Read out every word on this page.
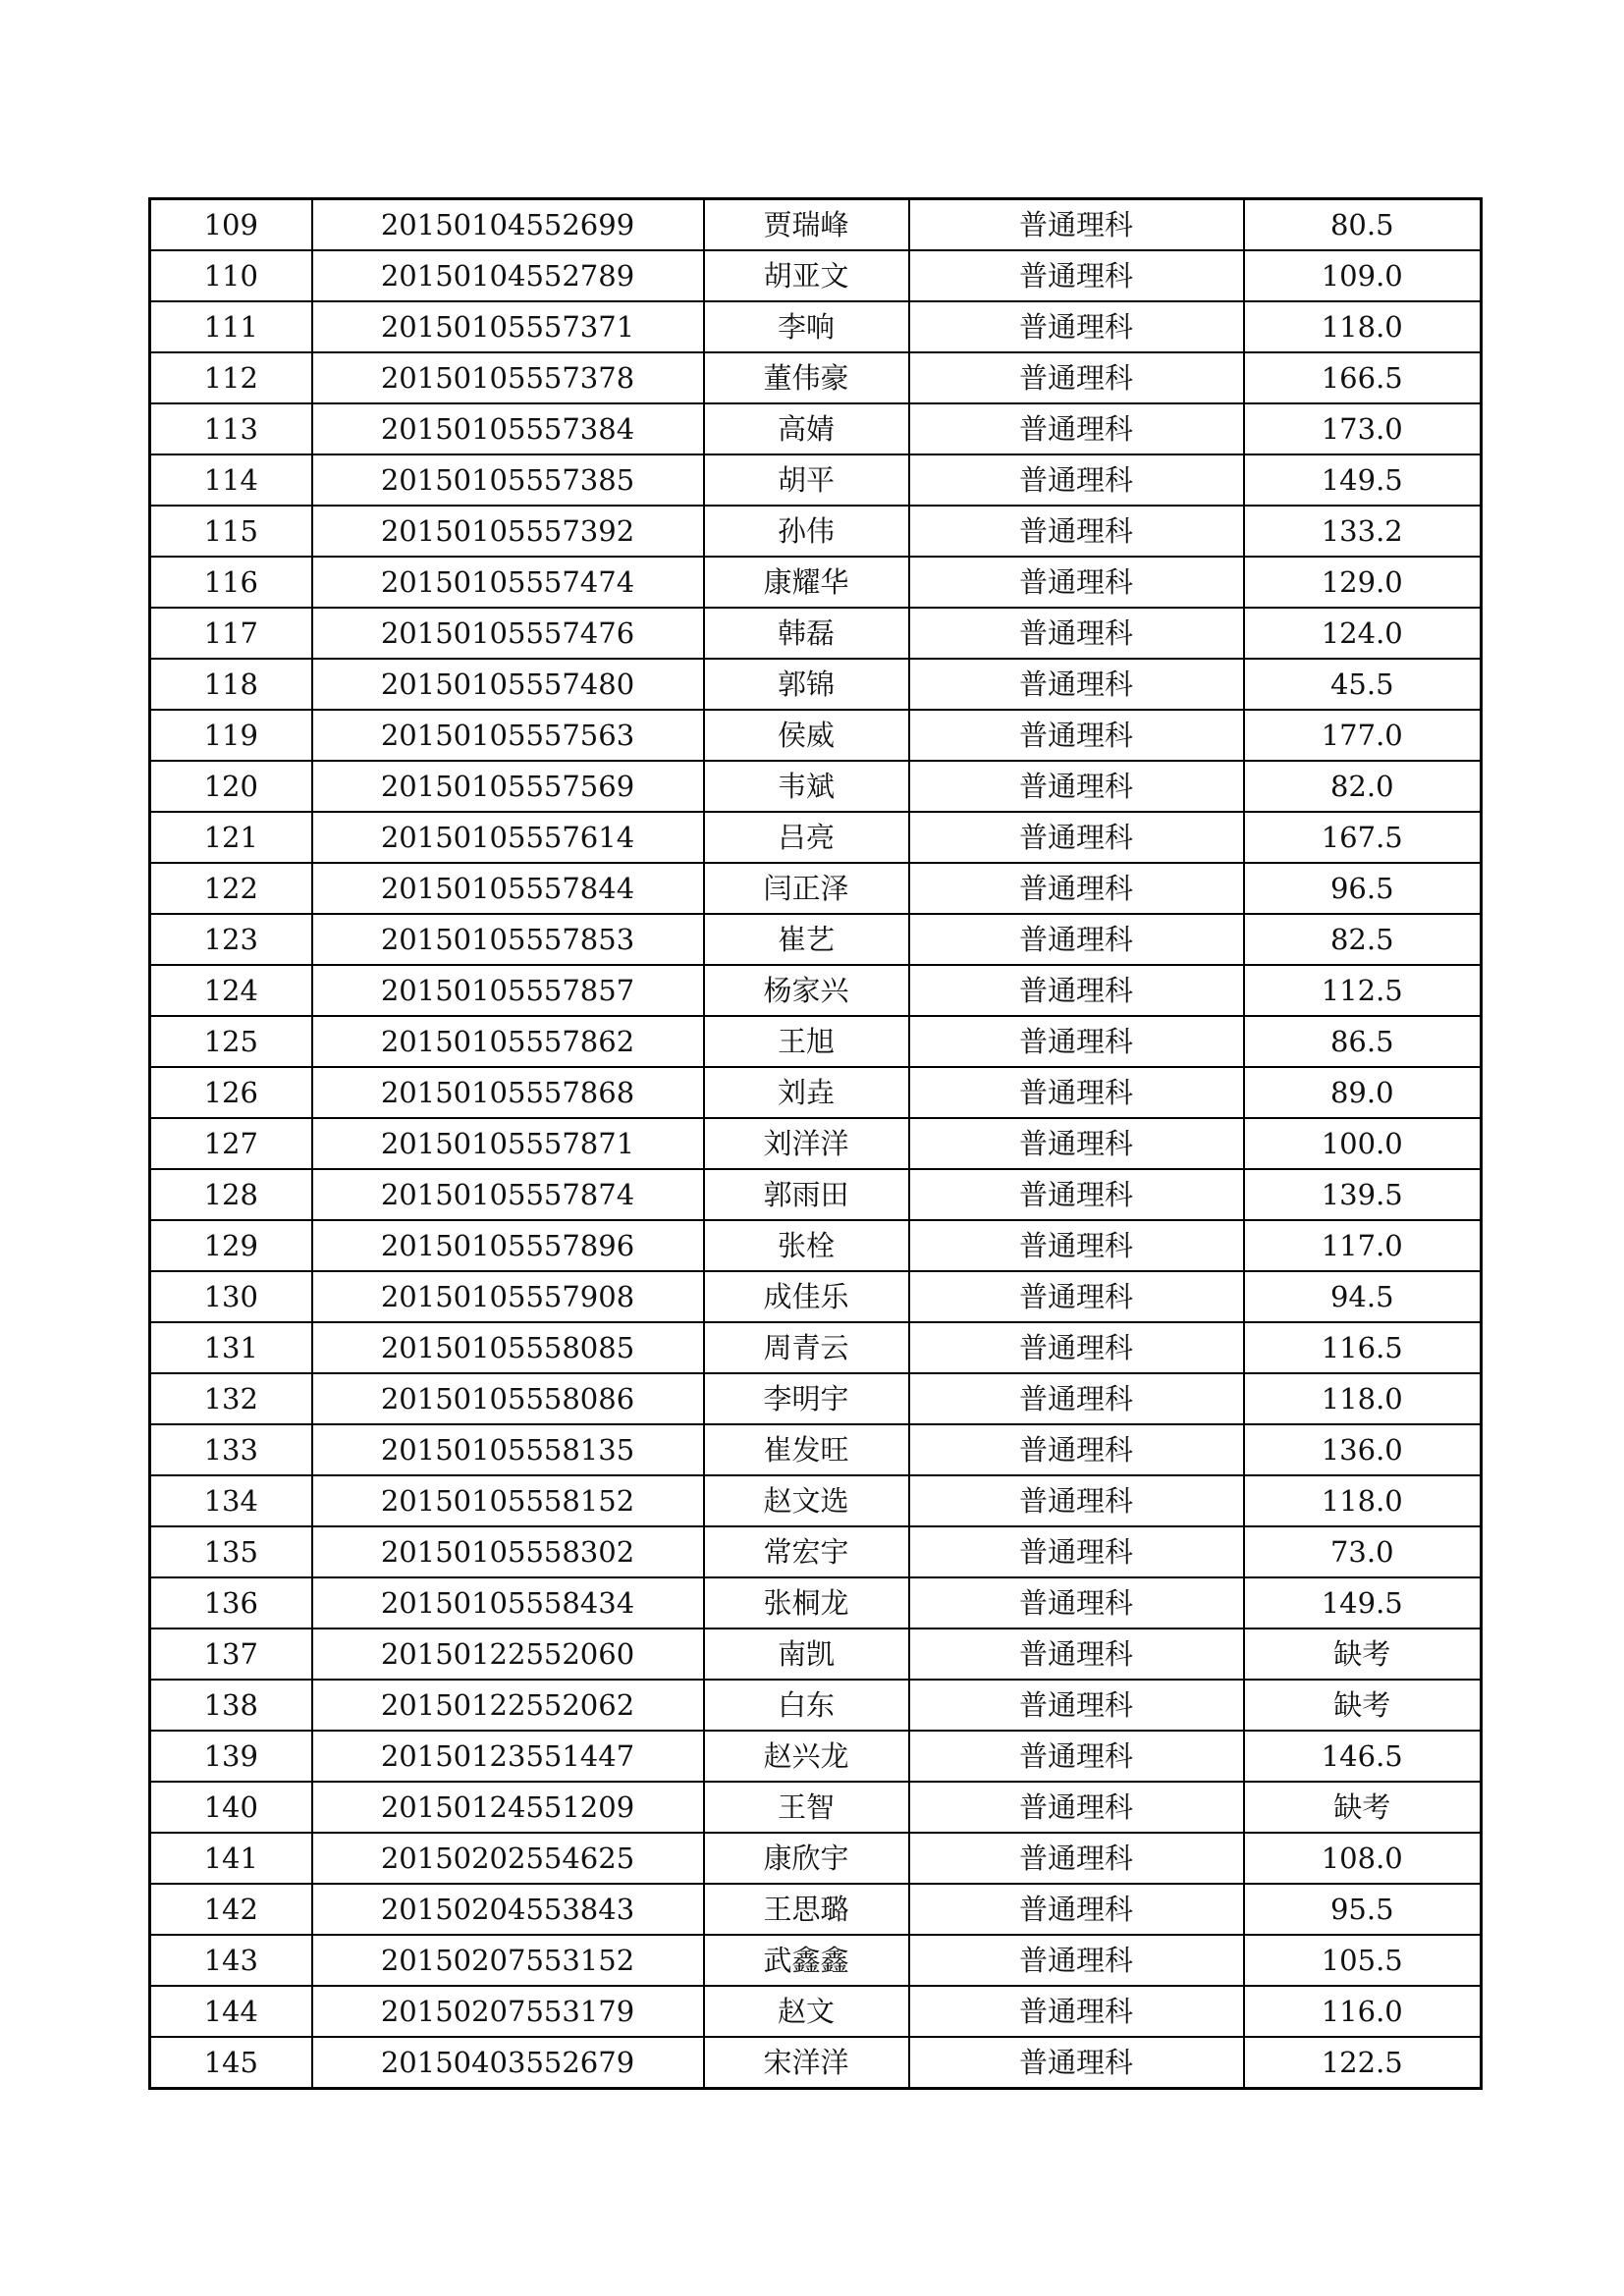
109	20150104552699	贾瑞峰	普通理科	80.5
110	20150104552789	胡亚文	普通理科	109.0
111	20150105557371	李响	普通理科	118.0
112	20150105557378	董伟豪	普通理科	166.5
113	20150105557384	高婧	普通理科	173.0
114	20150105557385	胡平	普通理科	149.5
115	20150105557392	孙伟	普通理科	133.2
116	20150105557474	康耀华	普通理科	129.0
117	20150105557476	韩磊	普通理科	124.0
118	20150105557480	郭锦	普通理科	45.5
119	20150105557563	侯威	普通理科	177.0
120	20150105557569	韦斌	普通理科	82.0
121	20150105557614	吕亮	普通理科	167.5
122	20150105557844	闫正泽	普通理科	96.5
123	20150105557853	崔艺	普通理科	82.5
124	20150105557857	杨家兴	普通理科	112.5
125	20150105557862	王旭	普通理科	86.5
126	20150105557868	刘垚	普通理科	89.0
127	20150105557871	刘洋洋	普通理科	100.0
128	20150105557874	郭雨田	普通理科	139.5
129	20150105557896	张栓	普通理科	117.0
130	20150105557908	成佳乐	普通理科	94.5
131	20150105558085	周青云	普通理科	116.5
132	20150105558086	李明宇	普通理科	118.0
133	20150105558135	崔发旺	普通理科	136.0
134	20150105558152	赵文选	普通理科	118.0
135	20150105558302	常宏宇	普通理科	73.0
136	20150105558434	张桐龙	普通理科	149.5
137	20150122552060	南凯	普通理科	缺考
138	20150122552062	白东	普通理科	缺考
139	20150123551447	赵兴龙	普通理科	146.5
140	20150124551209	王智	普通理科	缺考
141	20150202554625	康欣宇	普通理科	108.0
142	20150204553843	王思璐	普通理科	95.5
143	20150207553152	武鑫鑫	普通理科	105.5
144	20150207553179	赵文	普通理科	116.0
145	20150403552679	宋洋洋	普通理科	122.5
